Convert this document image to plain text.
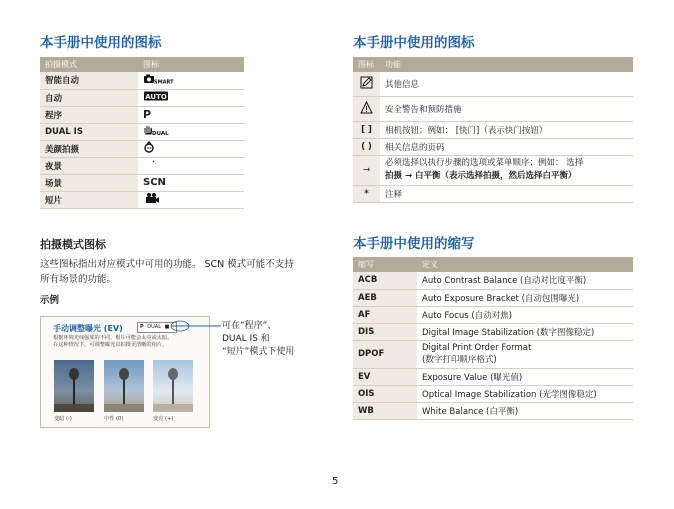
本手册中使用的图标
拍摄模式	图标
智能自动	SMART

自动	AUTO

程序	P
DUAL IS	DUAL

美颜拍摄	
夜景	
场景	SCN
短片	
拍摄模式图标
这些图标指出对应模式中可用的功能。 SCN 模式可能不支持
所有场景的功能。
示例
手动调整曝光 (EV)	P DUAL ■
根据环境光线强度的不同，相片可能会太亮或太暗。
在这种情况下，可调整曝光以拍摄更清晰的相片。
变暗 (-)	中性 (0)	变亮 (+)
可在“程序”、
DUAL IS 和
“短片”模式下使用
本手册中使用的图标
图标	功能
	其他信息
	安全警告和预防措施
[ ]	相机按钮；例如： [快门]（表示快门按钮）
( )	相关信息的页码
→	必须选择以执行步骤的选项或菜单顺序；例如： 选择
拍摄 → 白平衡（表示选择拍摄，然后选择白平衡）

*	注释
本手册中使用的缩写
缩写	定义
ACB	Auto Contrast Balance (自动对比度平衡)
AEB	Auto Exposure Bracket (自动包围曝光)
AF	Auto Focus (自动对焦)
DIS	Digital Image Stabilization (数字图像稳定)
DPOF	Digital Print Order Format
(数字打印顺序格式)

EV	Exposure Value (曝光值)
OIS	Optical Image Stabilization (光学图像稳定)
WB	White Balance (白平衡)
5
